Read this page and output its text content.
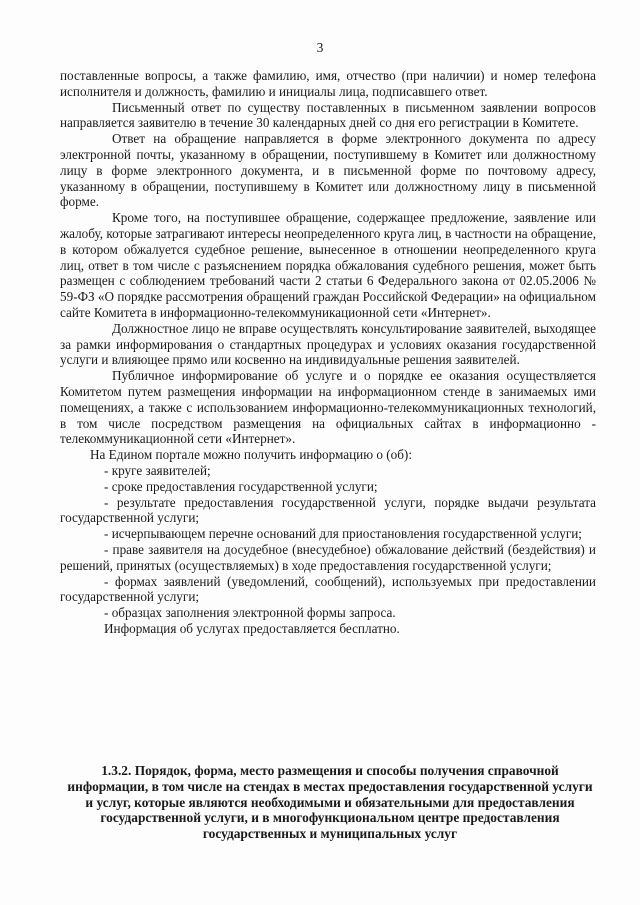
3

поставленные вопросы, а также фамилию, имя, отчество (при наличии) и номер телефона исполнителя и должность, фамилию и инициалы лица, подписавшего ответ.

Письменный ответ по существу поставленных в письменном заявлении вопросов направляется заявителю в течение 30 календарных дней со дня его регистрации в Комитете.

Ответ на обращение направляется в форме электронного документа по адресу электронной почты, указанному в обращении, поступившему в Комитет или должностному лицу в форме электронного документа, и в письменной форме по почтовому адресу, указанному в обращении, поступившему в Комитет или должностному лицу в письменной форме.

Кроме того, на поступившее обращение, содержащее предложение, заявление или жалобу, которые затрагивают интересы неопределенного круга лиц, в частности на обращение, в котором обжалуется судебное решение, вынесенное в отношении неопределенного круга лиц, ответ в том числе с разъяснением порядка обжалования судебного решения, может быть размещен с соблюдением требований части 2 статьи 6 Федерального закона от 02.05.2006 № 59-ФЗ «О порядке рассмотрения обращений граждан Российской Федерации» на официальном сайте Комитета в информационно-телекоммуникационной сети «Интернет».

Должностное лицо не вправе осуществлять консультирование заявителей, выходящее за рамки информирования о стандартных процедурах и условиях оказания государственной услуги и влияющее прямо или косвенно на индивидуальные решения заявителей.

Публичное информирование об услуге и о порядке ее оказания осуществляется Комитетом путем размещения информации на информационном стенде в занимаемых ими помещениях, а также с использованием информационно-телекоммуникационных технологий, в том числе посредством размещения на официальных сайтах в информационно - телекоммуникационной сети «Интернет».

На Едином портале можно получить информацию о (об):

- круге заявителей;

- сроке предоставления государственной услуги;

- результате предоставления государственной услуги, порядке выдачи результата государственной услуги;

- исчерпывающем перечне оснований для приостановления государственной услуги;

- праве заявителя на досудебное (внесудебное) обжалование действий (бездействия) и решений, принятых (осуществляемых) в ходе предоставления государственной услуги;

- формах заявлений (уведомлений, сообщений), используемых при предоставлении государственной услуги;

- образцах заполнения электронной формы запроса.

Информация об услугах предоставляется бесплатно.

1.3.2. Порядок, форма, место размещения и способы получения справочной информации, в том числе на стендах в местах предоставления государственной услуги и услуг, которые являются необходимыми и обязательными для предоставления государственной услуги, и в многофункциональном центре предоставления государственных и муниципальных услуг
